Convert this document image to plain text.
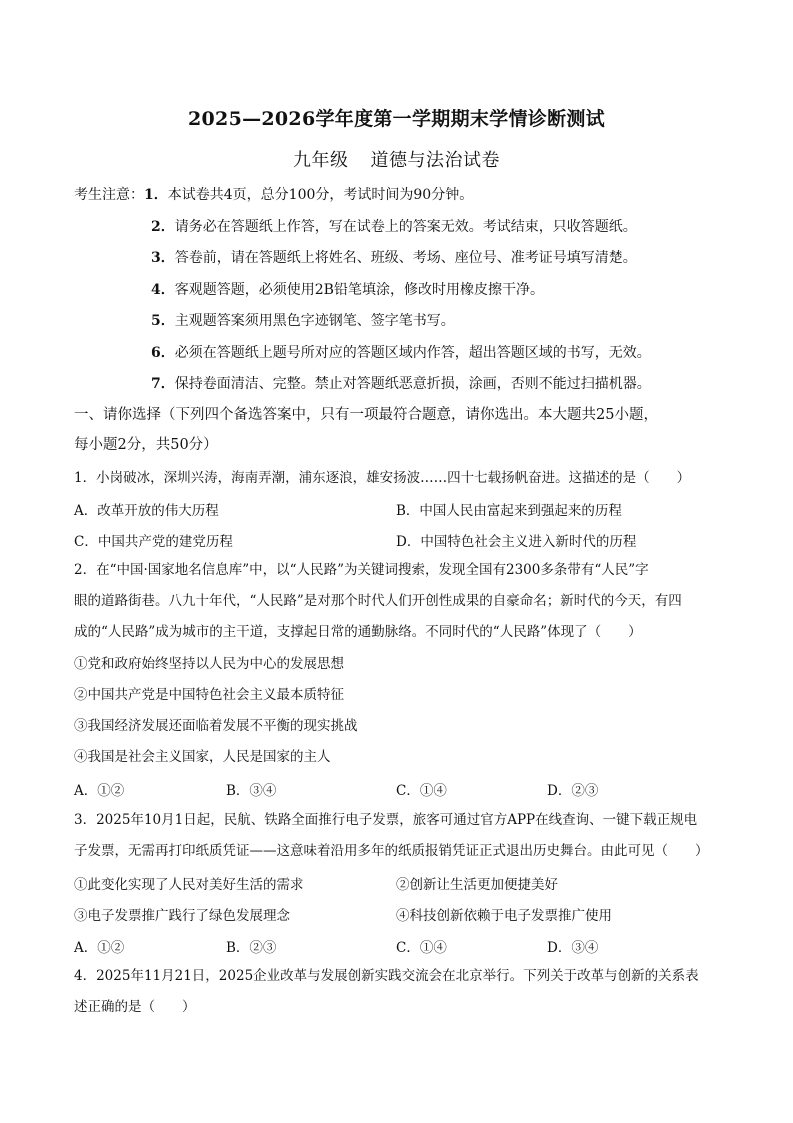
2025—2026学年度第一学期期末学情诊断测试
九年级 道德与法治试卷
考生注意：1．本试卷共4页，总分100分，考试时间为90分钟。
2．请务必在答题纸上作答，写在试卷上的答案无效。考试结束，只收答题纸。
3．答卷前，请在答题纸上将姓名、班级、考场、座位号、准考证号填写清楚。
4．客观题答题，必须使用2B铅笔填涂，修改时用橡皮擦干净。
5．主观题答案须用黑色字迹钢笔、签字笔书写。
6．必须在答题纸上题号所对应的答题区域内作答，超出答题区域的书写，无效。
7．保持卷面清洁、完整。禁止对答题纸恶意折损，涂画，否则不能过扫描机器。
一、请你选择（下列四个备选答案中，只有一项最符合题意，请你选出。本大题共25小题，
每小题2分，共50分）
1．小岗破冰，深圳兴涛，海南弄潮，浦东逐浪，雄安扬波……四十七载扬帆奋进。这描述的是（　　）
A．改革开放的伟大历程	B．中国人民由富起来到强起来的历程
C．中国共产党的建党历程	D．中国特色社会主义进入新时代的历程
2．在“中国·国家地名信息库”中，以“人民路”为关键词搜索，发现全国有2300多条带有“人民”字
眼的道路街巷。八九十年代，“人民路”是对那个时代人们开创性成果的自豪命名；新时代的今天，有四
成的“人民路”成为城市的主干道，支撑起日常的通勤脉络。不同时代的“人民路”体现了（　　）
①党和政府始终坚持以人民为中心的发展思想
②中国共产党是中国特色社会主义最本质特征
③我国经济发展还面临着发展不平衡的现实挑战
④我国是社会主义国家，人民是国家的主人
A．①②	B．③④	C．①④	D．②③
3．2025年10月1日起，民航、铁路全面推行电子发票，旅客可通过官方APP在线查询、一键下载正规电
子发票，无需再打印纸质凭证——这意味着沿用多年的纸质报销凭证正式退出历史舞台。由此可见（　　）
①此变化实现了人民对美好生活的需求	②创新让生活更加便捷美好
③电子发票推广践行了绿色发展理念	④科技创新依赖于电子发票推广使用
A．①②	B．②③	C．①④	D．③④
4．2025年11月21日，2025企业改革与发展创新实践交流会在北京举行。下列关于改革与创新的关系表
述正确的是（　　）
